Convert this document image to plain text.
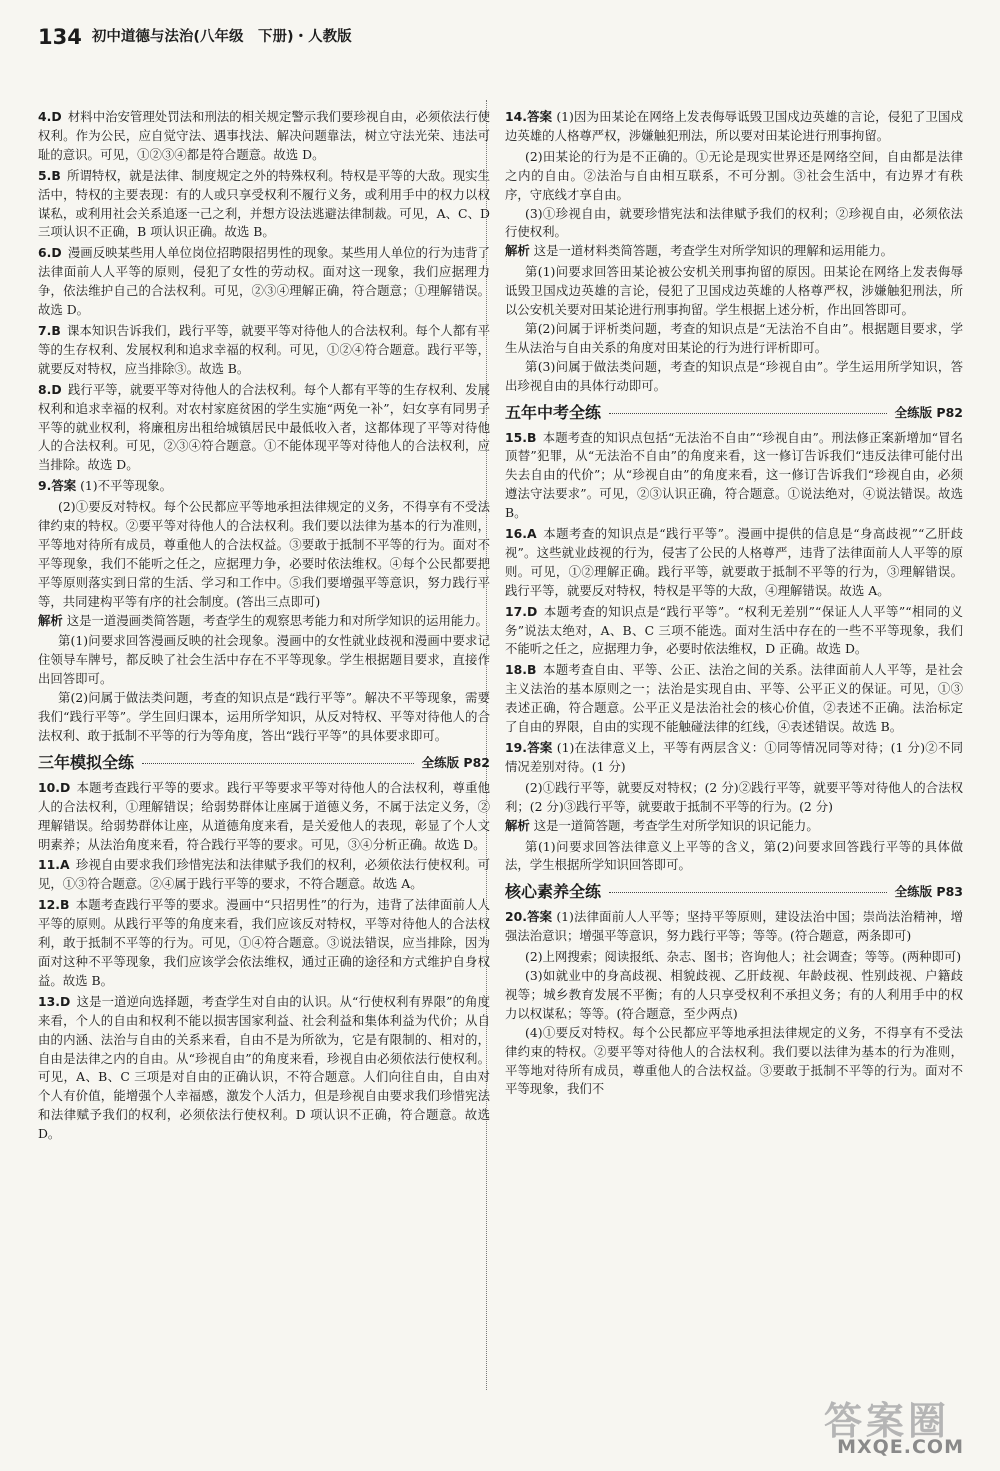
134 初中道德与法治(八年级　下册)・人教版
4.D  材料中治安管理处罚法和刑法的相关规定警示我们要珍视自由，必须依法行使权利。作为公民，应自觉守法、遇事找法、解决问题靠法，树立守法光荣、违法可耻的意识。可见，①②③④都是符合题意。故选 D。
5.B  所谓特权，就是法律、制度规定之外的特殊权利。特权是平等的大敌。现实生活中，特权的主要表现：有的人或只享受权利不履行义务，或利用手中的权力以权谋私，或利用社会关系追逐一己之利，并想方设法逃避法律制裁。可见，A、C、D 三项认识不正确，B 项认识正确。故选 B。
6.D  漫画反映某些用人单位岗位招聘限招男性的现象。某些用人单位的行为违背了法律面前人人平等的原则，侵犯了女性的劳动权。面对这一现象，我们应据理力争，依法维护自己的合法权利。可见，②③④理解正确，符合题意；①理解错误。故选 D。
7.B  课本知识告诉我们，践行平等，就要平等对待他人的合法权利。每个人都有平等的生存权利、发展权利和追求幸福的权利。可见，①②④符合题意。践行平等，就要反对特权，应当排除③。故选 B。
8.D  践行平等，就要平等对待他人的合法权利。每个人都有平等的生存权利、发展权利和追求幸福的权利。对农村家庭贫困的学生实施“两免一补”，妇女享有同男子平等的就业权利，将廉租房出租给城镇居民中最低收入者，这都体现了平等对待他人的合法权利。可见，②③④符合题意。①不能体现平等对待他人的合法权利，应当排除。故选 D。
9.答案 (1)不平等现象。
(2)①要反对特权。每个公民都应平等地承担法律规定的义务，不得享有不受法律约束的特权。②要平等对待他人的合法权利。我们要以法律为基本的行为准则，平等地对待所有成员，尊重他人的合法权益。③要敢于抵制不平等的行为。面对不平等现象，我们不能听之任之，应据理力争，必要时依法维权。④每个公民都要把平等原则落实到日常的生活、学习和工作中。⑤我们要增强平等意识，努力践行平等，共同建构平等有序的社会制度。(答出三点即可)
解析 这是一道漫画类简答题，考查学生的观察思考能力和对所学知识的运用能力。
第(1)问要求回答漫画反映的社会现象。漫画中的女性就业歧视和漫画中要求记住领导车牌号，都反映了社会生活中存在不平等现象。学生根据题目要求，直接作出回答即可。
第(2)问属于做法类问题，考查的知识点是“践行平等”。解决不平等现象，需要我们“践行平等”。学生回归课本，运用所学知识，从反对特权、平等对待他人的合法权利、敢于抵制不平等的行为等角度，答出“践行平等”的具体要求即可。
三年模拟全练	全练版 P82
10.D  本题考查践行平等的要求。践行平等要求平等对待他人的合法权利，尊重他人的合法权利，①理解错误；给弱势群体让座属于道德义务，不属于法定义务，②理解错误。给弱势群体让座，从道德角度来看，是关爱他人的表现，彰显了个人文明素养；从法治角度来看，符合践行平等的要求。可见，③④分析正确。故选 D。
11.A  珍视自由要求我们珍惜宪法和法律赋予我们的权利，必须依法行使权利。可见，①③符合题意。②④属于践行平等的要求，不符合题意。故选 A。
12.B  本题考查践行平等的要求。漫画中“只招男性”的行为，违背了法律面前人人平等的原则。从践行平等的角度来看，我们应该反对特权，平等对待他人的合法权利，敢于抵制不平等的行为。可见，①④符合题意。③说法错误，应当排除，因为面对这种不平等现象，我们应该学会依法维权，通过正确的途径和方式维护自身权益。故选 B。
13.D  这是一道逆向选择题，考查学生对自由的认识。从“行使权利有界限”的角度来看，个人的自由和权利不能以损害国家利益、社会利益和集体利益为代价；从自由的内涵、法治与自由的关系来看，自由不是为所欲为，它是有限制的、相对的，自由是法律之内的自由。从“珍视自由”的角度来看，珍视自由必须依法行使权利。可见，A、B、C 三项是对自由的正确认识，不符合题意。人们向往自由，自由对个人有价值，能增强个人幸福感，激发个人活力，但是珍视自由要求我们珍惜宪法和法律赋予我们的权利，必须依法行使权利。D 项认识不正确，符合题意。故选 D。
14.答案 (1)因为田某论在网络上发表侮辱诋毁卫国戍边英雄的言论，侵犯了卫国戍边英雄的人格尊严权，涉嫌触犯刑法，所以要对田某论进行刑事拘留。
(2)田某论的行为是不正确的。①无论是现实世界还是网络空间，自由都是法律之内的自由。②法治与自由相互联系，不可分割。③社会生活中，有边界才有秩序，守底线才享自由。
(3)①珍视自由，就要珍惜宪法和法律赋予我们的权利；②珍视自由，必须依法行使权利。
解析 这是一道材料类简答题，考查学生对所学知识的理解和运用能力。
第(1)问要求回答田某论被公安机关刑事拘留的原因。田某论在网络上发表侮辱诋毁卫国戍边英雄的言论，侵犯了卫国戍边英雄的人格尊严权，涉嫌触犯刑法，所以公安机关要对田某论进行刑事拘留。学生根据上述分析，作出回答即可。
第(2)问属于评析类问题，考查的知识点是“无法治不自由”。根据题目要求，学生从法治与自由关系的角度对田某论的行为进行评析即可。
第(3)问属于做法类问题，考查的知识点是“珍视自由”。学生运用所学知识，答出珍视自由的具体行动即可。
五年中考全练	全练版 P82
15.B  本题考查的知识点包括“无法治不自由”“珍视自由”。刑法修正案新增加“冒名顶替”犯罪，从“无法治不自由”的角度来看，这一修订告诉我们“违反法律可能付出失去自由的代价”；从“珍视自由”的角度来看，这一修订告诉我们“珍视自由，必须遵法守法要求”。可见，②③认识正确，符合题意。①说法绝对，④说法错误。故选 B。
16.A  本题考查的知识点是“践行平等”。漫画中提供的信息是“身高歧视”“乙肝歧视”。这些就业歧视的行为，侵害了公民的人格尊严，违背了法律面前人人平等的原则。可见，①②理解正确。践行平等，就要敢于抵制不平等的行为，③理解错误。践行平等，就要反对特权，特权是平等的大敌，④理解错误。故选 A。
17.D  本题考查的知识点是“践行平等”。“权利无差别”“保证人人平等”“相同的义务”说法太绝对，A、B、C 三项不能选。面对生活中存在的一些不平等现象，我们不能听之任之，应据理力争，必要时依法维权，D 正确。故选 D。
18.B  本题考查自由、平等、公正、法治之间的关系。法律面前人人平等，是社会主义法治的基本原则之一；法治是实现自由、平等、公平正义的保证。可见，①③表述正确，符合题意。公平正义是法治社会的核心价值，②表述不正确。法治标定了自由的界限，自由的实现不能触碰法律的红线，④表述错误。故选 B。
19.答案 (1)在法律意义上，平等有两层含义：①同等情况同等对待；(1 分)②不同情况差别对待。(1 分)
(2)①践行平等，就要反对特权；(2 分)②践行平等，就要平等对待他人的合法权利；(2 分)③践行平等，就要敢于抵制不平等的行为。(2 分)
解析 这是一道简答题，考查学生对所学知识的识记能力。
第(1)问要求回答法律意义上平等的含义，第(2)问要求回答践行平等的具体做法，学生根据所学知识回答即可。
核心素养全练	全练版 P83
20.答案 (1)法律面前人人平等；坚持平等原则，建设法治中国；崇尚法治精神，增强法治意识；增强平等意识，努力践行平等；等等。(符合题意，两条即可)
(2)上网搜索；阅读报纸、杂志、图书；咨询他人；社会调查；等等。(两种即可)
(3)如就业中的身高歧视、相貌歧视、乙肝歧视、年龄歧视、性别歧视、户籍歧视等；城乡教育发展不平衡；有的人只享受权利不承担义务；有的人利用手中的权力以权谋私；等等。(符合题意，至少两点)
(4)①要反对特权。每个公民都应平等地承担法律规定的义务，不得享有不受法律约束的特权。②要平等对待他人的合法权利。我们要以法律为基本的行为准则，平等地对待所有成员，尊重他人的合法权益。③要敢于抵制不平等的行为。面对不平等现象，我们不
答案圈
MXQE.COM
